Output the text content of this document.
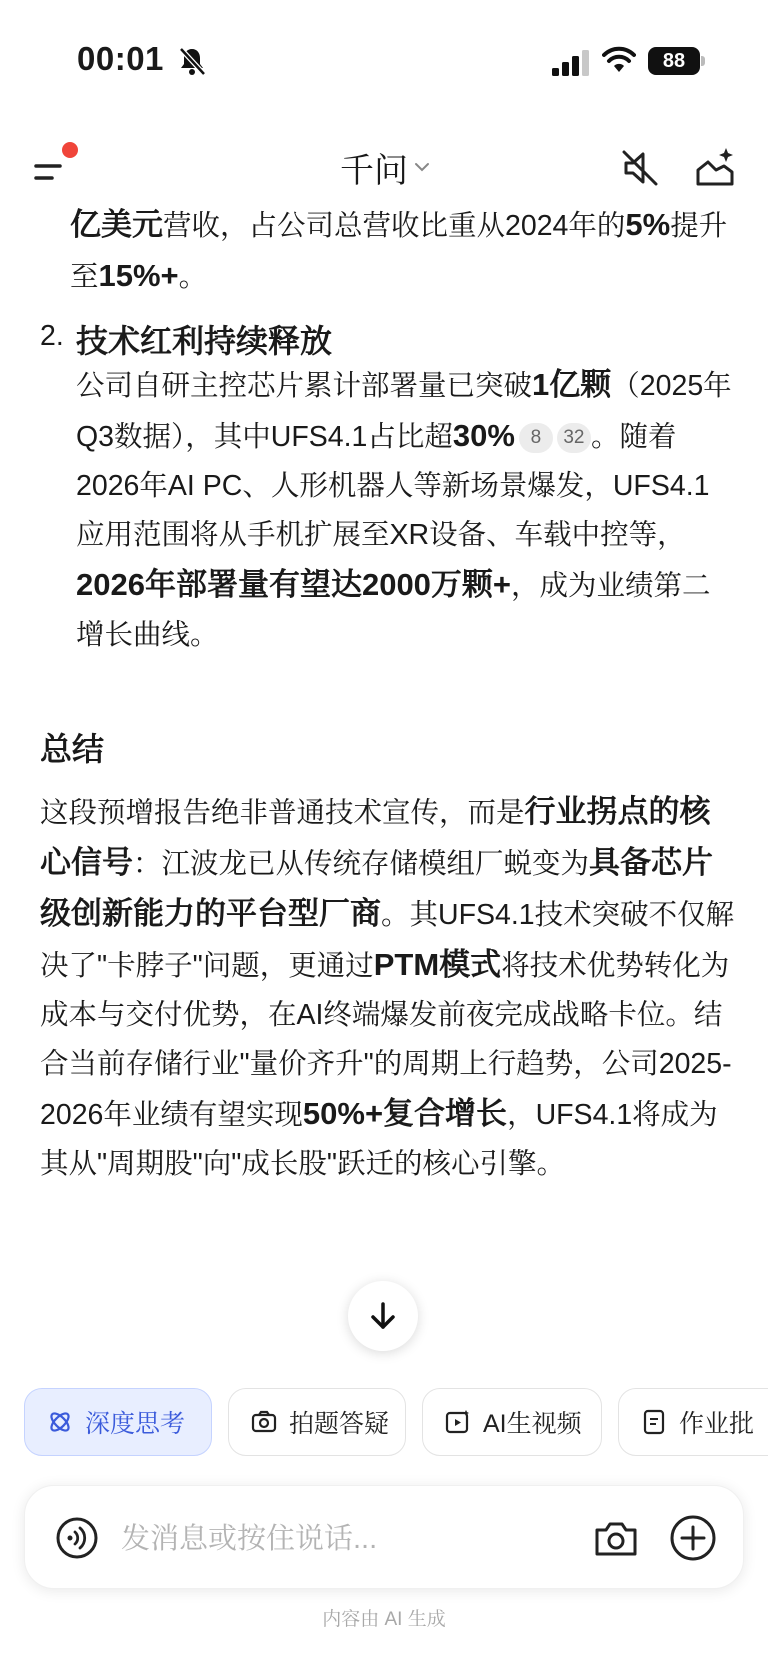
00:01	88
千问

亿美元营收，占公司总营收比重从2024年的5%提升至15%+。

2. 技术红利持续释放

公司自研主控芯片累计部署量已突破1亿颗（2025年Q3数据），其中UFS4.1占比超30% 8 32 。随着2026年AI PC、人形机器人等新场景爆发，UFS4.1应用范围将从手机扩展至XR设备、车载中控等，2026年部署量有望达2000万颗+，成为业绩第二增长曲线。

总结

这段预增报告绝非普通技术宣传，而是行业拐点的核心信号：江波龙已从传统存储模组厂蜕变为具备芯片级创新能力的平台型厂商。其UFS4.1技术突破不仅解决了"卡脖子"问题，更通过PTM模式将技术优势转化为成本与交付优势，在AI终端爆发前夜完成战略卡位。结合当前存储行业"量价齐升"的周期上行趋势，公司2025-2026年业绩有望实现50%+复合增长，UFS4.1将成为其从"周期股"向"成长股"跃迁的核心引擎。

深度思考	拍题答疑	AI生视频	作业批
发消息或按住说话...
内容由 AI 生成
